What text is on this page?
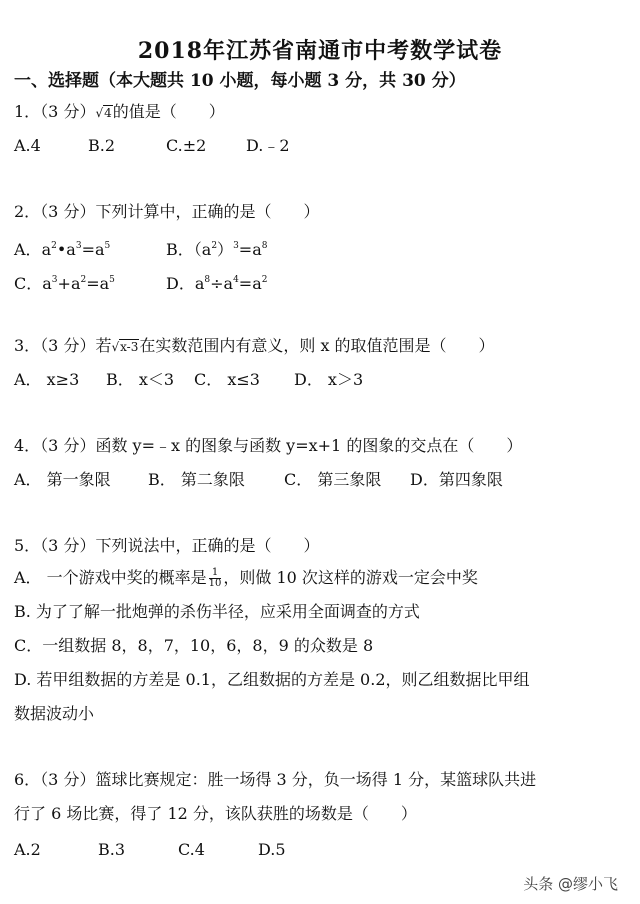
2018年江苏省南通市中考数学试卷
一、选择题（本大题共 10 小题，每小题 3 分，共 30 分）
1．（3 分）√4的值是（　　）
A.4	B.2	C.±2 D.﹣2
2．（3 分）下列计算中，正确的是（　　）
A．$a^2•a^3=a^5$	B．$(a^2)^3=a^8$
C．$a^3+a^2=a^5$	D．$a^8\div a^4=a^2$
3．（3 分）若√x-3在实数范围内有意义，则 x 的取值范围是（　　）
A． x≥3 B． x＜3 C． x≤3 D． x＞3
4．（3 分）函数 y=﹣x 的图象与函数 y=x+1 的图象的交点在（　　）
A． 第一象限 B． 第二象限 C． 第三象限 D．第四象限
5．（3 分）下列说法中，正确的是（　　）
A． 一个游戏中奖的概率是 $\frac{1}{10}$ ，则做 10 次这样的游戏一定会中奖
B. 为了了解一批炮弹的杀伤半径，应采用全面调查的方式
C．一组数据 8，8，7，10，6，8，9 的众数是 8
D. 若甲组数据的方差是 0.1，乙组数据的方差是 0.2，则乙组数据比甲组
数据波动小
6．（3 分）篮球比赛规定：胜一场得 3 分，负一场得 1 分，某篮球队共进
行了 6 场比赛，得了 12 分，该队获胜的场数是（　　）
A.2	B.3	C.4	D.5
头条 @缪小飞
